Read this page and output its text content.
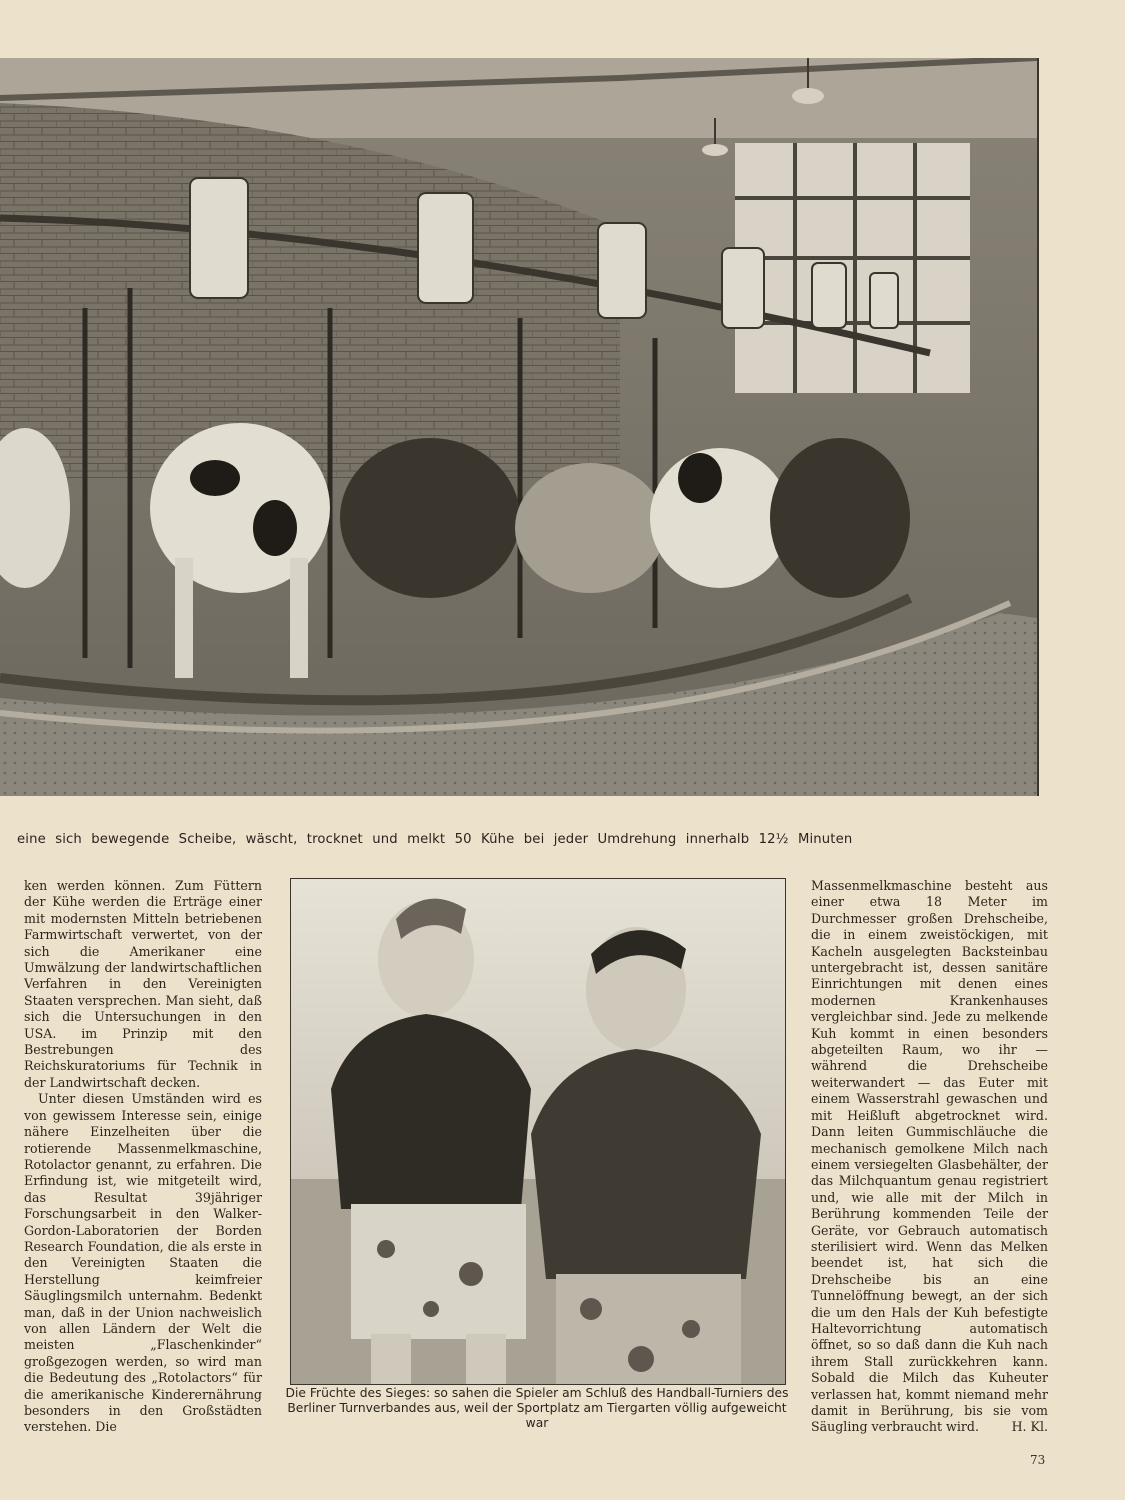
eine sich bewegende Scheibe, wäscht, trocknet und melkt 50 Kühe bei jeder Umdrehung innerhalb 12½ Minuten

ken werden können. Zum Füttern der Kühe werden die Erträge einer mit modernsten Mitteln betriebenen Farmwirtschaft verwertet, von der sich die Amerikaner eine Umwälzung der landwirtschaftlichen Verfahren in den Vereinigten Staaten versprechen. Man sieht, daß sich die Untersuchungen in den USA. im Prinzip mit den Bestrebungen des Reichskuratoriums für Technik in der Landwirtschaft decken.

Unter diesen Umständen wird es von gewissem Interesse sein, einige nähere Einzelheiten über die rotierende Massenmelkmaschine, Rotolactor genannt, zu erfahren. Die Erfindung ist, wie mitgeteilt wird, das Resultat 39jähriger Forschungsarbeit in den Walker-Gordon-Laboratorien der Borden Research Foundation, die als erste in den Vereinigten Staaten die Herstellung keimfreier Säuglingsmilch unternahm. Bedenkt man, daß in der Union nachweislich von allen Ländern der Welt die meisten „Flaschenkinder“ großgezogen werden, so wird man die Bedeutung des „Rotolactors“ für die amerikanische Kinderernährung besonders in den Großstädten verstehen. Die

Die Früchte des Sieges: so sahen die Spieler am Schluß des Handball-Turniers des Berliner Turnverbandes aus, weil der Sportplatz am Tiergarten völlig aufgeweicht war

Massenmelkmaschine besteht aus einer etwa 18 Meter im Durchmesser großen Drehscheibe, die in einem zweistöckigen, mit Kacheln ausgelegten Backsteinbau untergebracht ist, dessen sanitäre Einrichtungen mit denen eines modernen Krankenhauses vergleichbar sind. Jede zu melkende Kuh kommt in einen besonders abgeteilten Raum, wo ihr — während die Drehscheibe weiterwandert — das Euter mit einem Wasserstrahl gewaschen und mit Heißluft abgetrocknet wird. Dann leiten Gummischläuche die mechanisch gemolkene Milch nach einem versiegelten Glasbehälter, der das Milchquantum genau registriert und, wie alle mit der Milch in Berührung kommenden Teile der Geräte, vor Gebrauch automatisch sterilisiert wird. Wenn das Melken beendet ist, hat sich die Drehscheibe bis an eine Tunnelöffnung bewegt, an der sich die um den Hals der Kuh befestigte Haltevorrichtung automatisch öffnet, so so daß dann die Kuh nach ihrem Stall zurückkehren kann. Sobald die Milch das Kuheuter verlassen hat, kommt niemand mehr damit in Berührung, bis sie vom Säugling verbraucht wird.	H. Kl.

73
